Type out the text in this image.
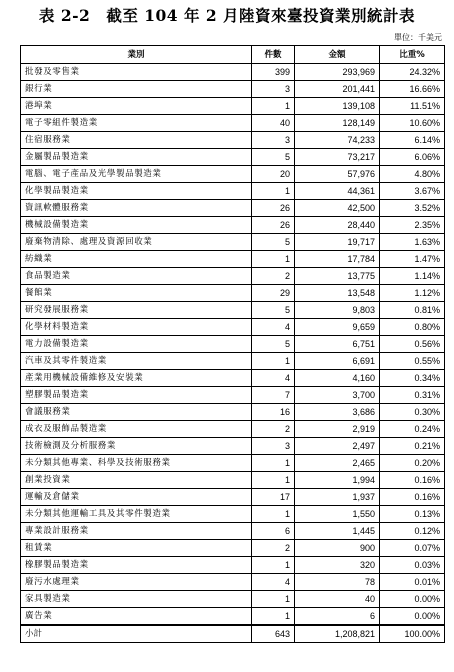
表 2-2　截至 104 年 2 月陸資來臺投資業別統計表
單位：千美元
業別	件數	金額	比重%
批發及零售業	399	293,969	24.32%
銀行業	3	201,441	16.66%
港埠業	1	139,108	11.51%
電子零組件製造業	40	128,149	10.60%
住宿服務業	3	74,233	6.14%
金屬製品製造業	5	73,217	6.06%
電腦、電子產品及光學製品製造業	20	57,976	4.80%
化學製品製造業	1	44,361	3.67%
資訊軟體服務業	26	42,500	3.52%
機械設備製造業	26	28,440	2.35%
廢棄物清除、處理及資源回收業	5	19,717	1.63%
紡織業	1	17,784	1.47%
食品製造業	2	13,775	1.14%
餐館業	29	13,548	1.12%
研究發展服務業	5	9,803	0.81%
化學材料製造業	4	9,659	0.80%
電力設備製造業	5	6,751	0.56%
汽車及其零件製造業	1	6,691	0.55%
產業用機械設備維修及安裝業	4	4,160	0.34%
塑膠製品製造業	7	3,700	0.31%
會議服務業	16	3,686	0.30%
成衣及服飾品製造業	2	2,919	0.24%
技術檢測及分析服務業	3	2,497	0.21%
未分類其他專業、科學及技術服務業	1	2,465	0.20%
創業投資業	1	1,994	0.16%
運輸及倉儲業	17	1,937	0.16%
未分類其他運輸工具及其零件製造業	1	1,550	0.13%
專業設計服務業	6	1,445	0.12%
租賃業	2	900	0.07%
橡膠製品製造業	1	320	0.03%
廢污水處理業	4	78	0.01%
家具製造業	1	40	0.00%
廣告業	1	6	0.00%
小計	643	1,208,821	100.00%
